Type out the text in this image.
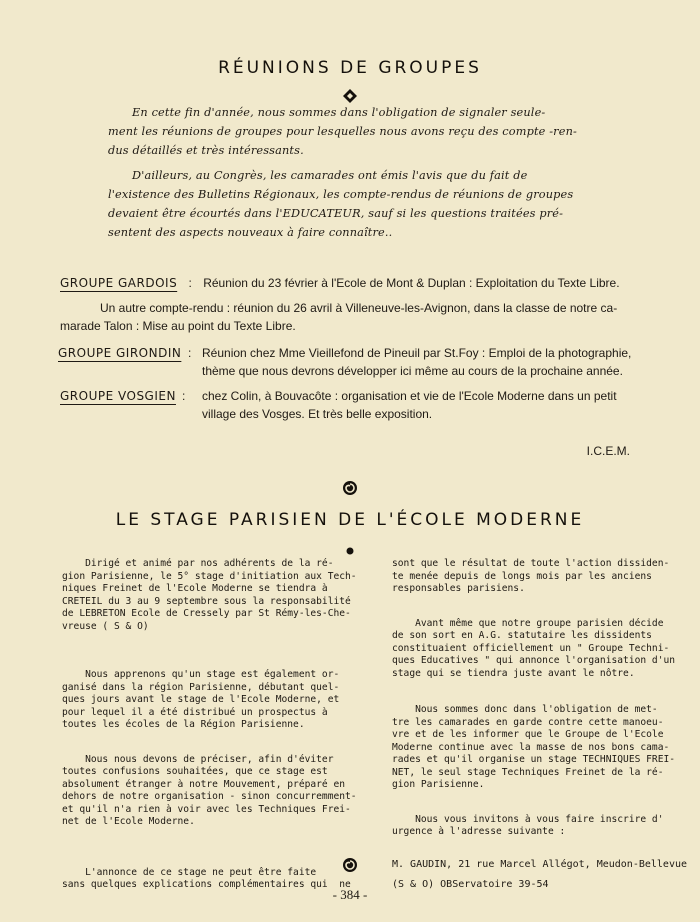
RÉUNIONS DE GROUPES
En cette fin d'année, nous sommes dans l'obligation de signaler seule-
ment les réunions de groupes pour lesquelles nous avons reçu des compte -ren-
dus détaillés et très intéressants.
D'ailleurs, au Congrès, les camarades ont émis l'avis que du fait de
l'existence des Bulletins Régionaux, les compte-rendus de réunions de groupes
devaient être écourtés dans l'EDUCATEUR, sauf si les questions traitées pré-
sentent des aspects nouveaux à faire connaître..
GROUPE GARDOIS : Réunion du 23 février à l'Ecole de Mont & Duplan : Exploitation du Texte Libre.
Un autre compte-rendu : réunion du 26 avril à Villeneuve-les-Avignon, dans la classe de notre ca-
marade Talon : Mise au point du Texte Libre.
GROUPE GIRONDIN : Réunion chez Mme Vieillefond de Pineuil par St.Foy : Emploi de la photographie,
thème que nous devrons développer ici même au cours de la prochaine année.
GROUPE VOSGIEN : chez Colin, à Bouvacôte : organisation et vie de l'Ecole Moderne dans un petit
village des Vosges. Et très belle exposition.
I.C.E.M.
LE STAGE PARISIEN DE L'ÉCOLE MODERNE
Dirigé et animé par nos adhérents de la ré-
gion Parisienne, le 5° stage d'initiation aux Tech-
niques Freinet de l'Ecole Moderne se tiendra à
CRETEIL du 3 au 9 septembre sous la responsabilité
de LEBRETON Ecole de Cressely par St Rémy-les-Che-
vreuse ( S & O)
Nous apprenons qu'un stage est également or-
ganisé dans la région Parisienne, débutant quel-
ques jours avant le stage de l'Ecole Moderne, et
pour lequel il a été distribué un prospectus à
toutes les écoles de la Région Parisienne.
Nous nous devons de préciser, afin d'éviter
toutes confusions souhaitées, que ce stage est
absolument étranger à notre Mouvement, préparé en
dehors de notre organisation - sinon concurremment-
et qu'il n'a rien à voir avec les Techniques Frei-
net de l'Ecole Moderne.
L'annonce de ce stage ne peut être faite
sans quelques explications complémentaires qui  ne
sont que le résultat de toute l'action dissiden-
te menée depuis de longs mois par les anciens
responsables parisiens.
Avant même que notre groupe parisien décide
de son sort en A.G. statutaire les dissidents
constituaient officiellement un " Groupe Techni-
ques Educatives " qui annonce l'organisation d'un
stage qui se tiendra juste avant le nôtre.
Nous sommes donc dans l'obligation de met-
tre les camarades en garde contre cette manoeu-
vre et de les informer que le Groupe de l'Ecole
Moderne continue avec la masse de nos bons cama-
rades et qu'il organise un stage TECHNIQUES FREI-
NET, le seul stage Techniques Freinet de la ré-
gion Parisienne.
Nous vous invitons à vous faire inscrire d'
urgence à l'adresse suivante :
M. GAUDIN, 21 rue Marcel Allégot, Meudon-Bellevue
(S & O) OBServatoire 39-54
- 384 -
